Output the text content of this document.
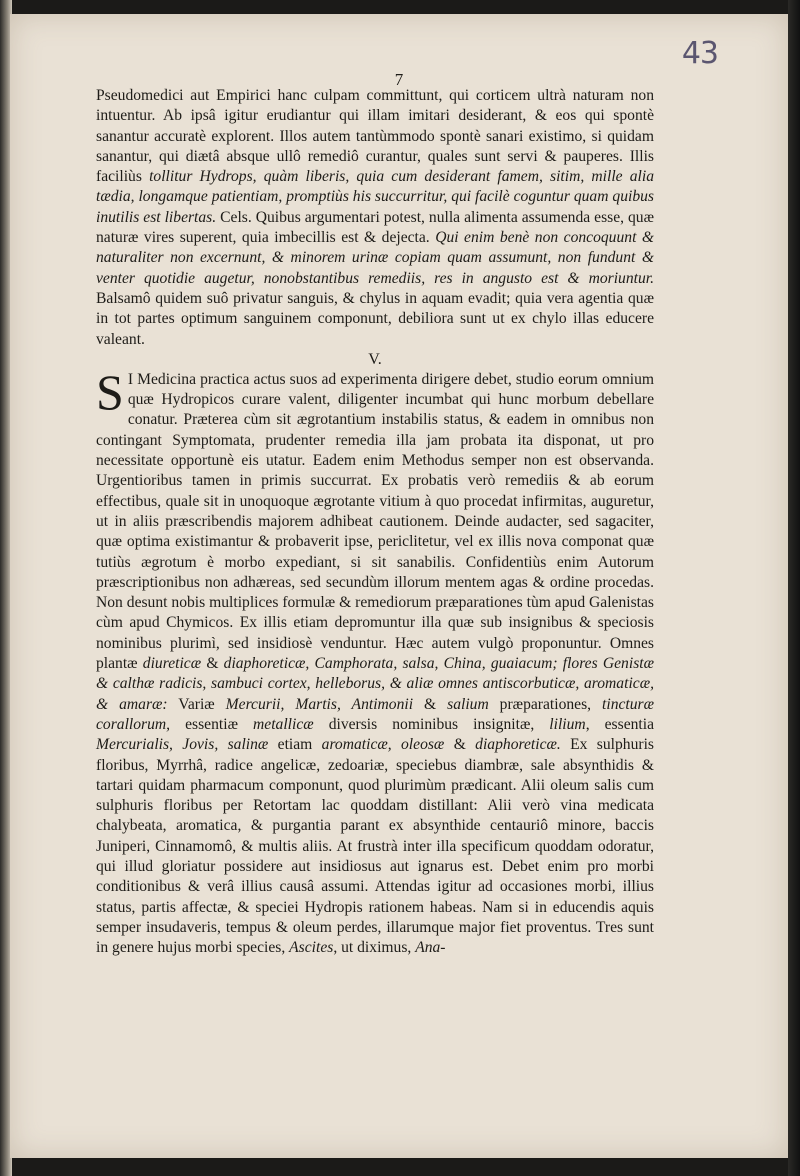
43
7

Pseudomedici aut Empirici hanc culpam committunt, qui corticem ultrà naturam non intuentur. Ab ipsâ igitur erudiantur qui illam imitari desiderant, & eos qui spontè sanantur accuratè explorent. Illos autem tantùmmodo spontè sanari existimo, si quidam sanantur, qui diætâ absque ullô remediô curantur, quales sunt servi & pauperes. Illis faciliùs tollitur Hydrops, quàm liberis, quia cum desiderant famem, sitim, mille alia tædia, longamque patientiam, promptiùs his succurritur, qui facilè coguntur quam quibus inutilis est libertas. Cels. Quibus argumentari potest, nulla alimenta assumenda esse, quæ naturæ vires superent, quia imbecillis est & dejecta. Qui enim benè non concoquunt & naturaliter non excernunt, & minorem urinæ copiam quam assumunt, non fundunt & venter quotidie augetur, nonobstantibus remediis, res in angusto est & moriuntur. Balsamô quidem suô privatur sanguis, & chylus in aquam evadit; quia vera agentia quæ in tot partes optimum sanguinem componunt, debiliora sunt ut ex chylo illas educere valeant.

V.

S I Medicina practica actus suos ad experimenta dirigere debet, studio eorum omnium quæ Hydropicos curare valent, diligenter incumbat qui hunc morbum debellare conatur. Præterea cùm sit ægrotantium instabilis status, & eadem in omnibus non contingant Symptomata, prudenter remedia illa jam probata ita disponat, ut pro necessitate opportunè eis utatur. Eadem enim Methodus semper non est observanda. Urgentioribus tamen in primis succurrat. Ex probatis verò remediis & ab eorum effectibus, quale sit in unoquoque ægrotante vitium à quo procedat infirmitas, auguretur, ut in aliis præscribendis majorem adhibeat cautionem. Deinde audacter, sed sagaciter, quæ optima existimantur & probaverit ipse, periclitetur, vel ex illis nova componat quæ tutiùs ægrotum è morbo expediant, si sit sanabilis. Confidentiùs enim Autorum præscriptionibus non adhæreas, sed secundùm illorum mentem agas & ordine procedas. Non desunt nobis multiplices formulæ & remediorum præparationes tùm apud Galenistas cùm apud Chymicos. Ex illis etiam depromuntur illa quæ sub insignibus & speciosis nominibus plurimì, sed insidiosè venduntur. Hæc autem vulgò proponuntur. Omnes plantæ diureticæ & diaphoreticæ, Camphorata, salsa, China, guaiacum; flores Genistæ & calthæ radicis, sambuci cortex, helleborus, & aliæ omnes antiscorbuticæ, aromaticæ, & amaræ: Variæ Mercurii, Martis, Antimonii & salium præparationes, tincturæ corallorum, essentiæ metallicæ diversis nominibus insignitæ, lilium, essentia Mercurialis, Jovis, salinæ etiam aromaticæ, oleosæ & diaphoreticæ. Ex sulphuris floribus, Myrrhâ, radice angelicæ, zedoariæ, speciebus diambræ, sale absynthidis & tartari quidam pharmacum componunt, quod plurimùm prædicant. Alii oleum salis cum sulphuris floribus per Retortam lac quoddam distillant: Alii verò vina medicata chalybeata, aromatica, & purgantia parant ex absynthide centauriô minore, baccis Juniperi, Cinnamomô, & multis aliis. At frustrà inter illa specificum quoddam odoratur, qui illud gloriatur possidere aut insidiosus aut ignarus est. Debet enim pro morbi conditionibus & verâ illius causâ assumi. Attendas igitur ad occasiones morbi, illius status, partis affectæ, & speciei Hydropis rationem habeas. Nam si in educendis aquis semper insudaveris, tempus & oleum perdes, illarumque major fiet proventus. Tres sunt in genere hujus morbi species, Ascites, ut diximus, Ana-
